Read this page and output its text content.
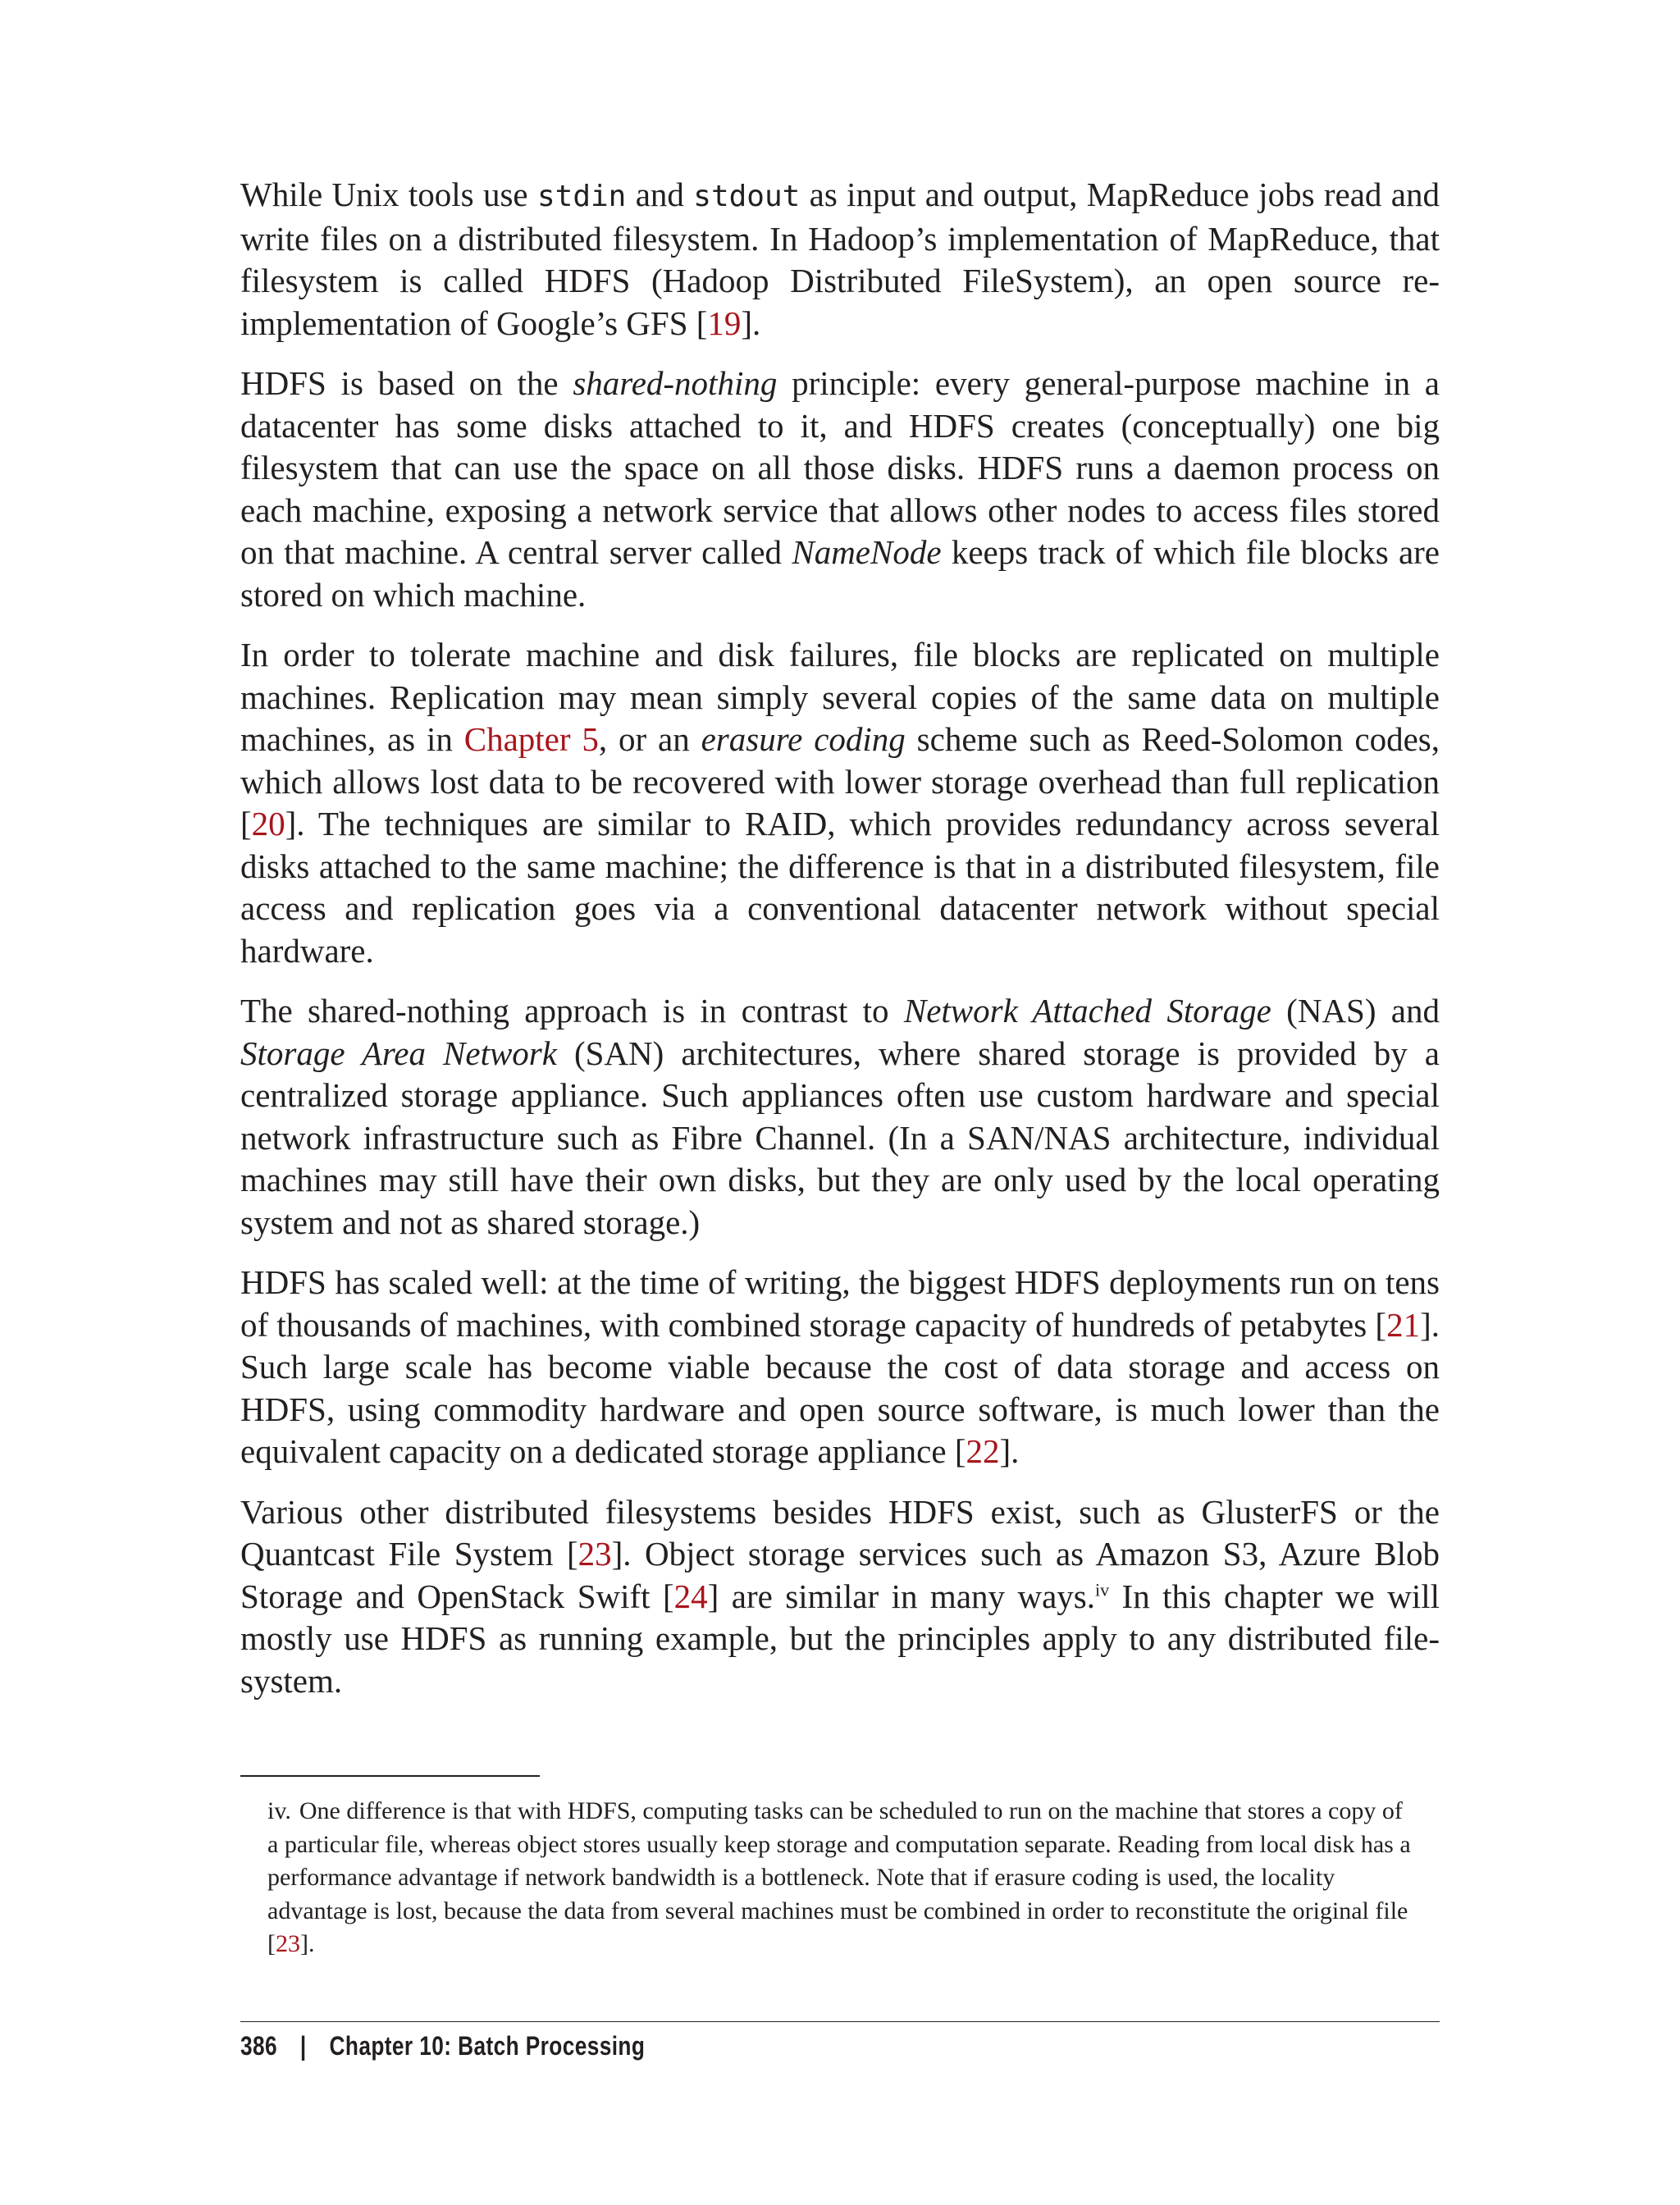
While Unix tools use stdin and stdout as input and output, MapReduce jobs read and write files on a distributed filesystem. In Hadoop’s implementation of MapReduce, that filesystem is called HDFS (Hadoop Distributed FileSystem), an open source re-implementation of Google’s GFS [19].

HDFS is based on the shared-nothing principle: every general-purpose machine in a datacenter has some disks attached to it, and HDFS creates (conceptually) one big filesystem that can use the space on all those disks. HDFS runs a daemon process on each machine, exposing a network service that allows other nodes to access files stored on that machine. A central server called NameNode keeps track of which file blocks are stored on which machine.

In order to tolerate machine and disk failures, file blocks are replicated on multiple machines. Replication may mean simply several copies of the same data on multiple machines, as in Chapter 5, or an erasure coding scheme such as Reed-Solomon codes, which allows lost data to be recovered with lower storage overhead than full replication [20]. The techniques are similar to RAID, which provides redundancy across several disks attached to the same machine; the difference is that in a distributed filesystem, file access and replication goes via a conventional datacenter network without special hardware.

The shared-nothing approach is in contrast to Network Attached Storage (NAS) and Storage Area Network (SAN) architectures, where shared storage is provided by a centralized storage appliance. Such appliances often use custom hardware and special network infrastructure such as Fibre Channel. (In a SAN/NAS architecture, individual machines may still have their own disks, but they are only used by the local operating system and not as shared storage.)

HDFS has scaled well: at the time of writing, the biggest HDFS deployments run on tens of thousands of machines, with combined storage capacity of hundreds of petabytes [21]. Such large scale has become viable because the cost of data storage and access on HDFS, using commodity hardware and open source software, is much lower than the equivalent capacity on a dedicated storage appliance [22].

Various other distributed filesystems besides HDFS exist, such as GlusterFS or the Quantcast File System [23]. Object storage services such as Amazon S3, Azure Blob Storage and OpenStack Swift [24] are similar in many ways.$^{iv}$ In this chapter we will mostly use HDFS as running example, but the principles apply to any distributed filesystem.

iv. One difference is that with HDFS, computing tasks can be scheduled to run on the machine that stores a copy of a particular file, whereas object stores usually keep storage and computation separate. Reading from local disk has a performance advantage if network bandwidth is a bottleneck. Note that if erasure coding is used, the locality advantage is lost, because the data from several machines must be combined in order to reconstitute the original file [23].
386 | Chapter 10: Batch Processing
